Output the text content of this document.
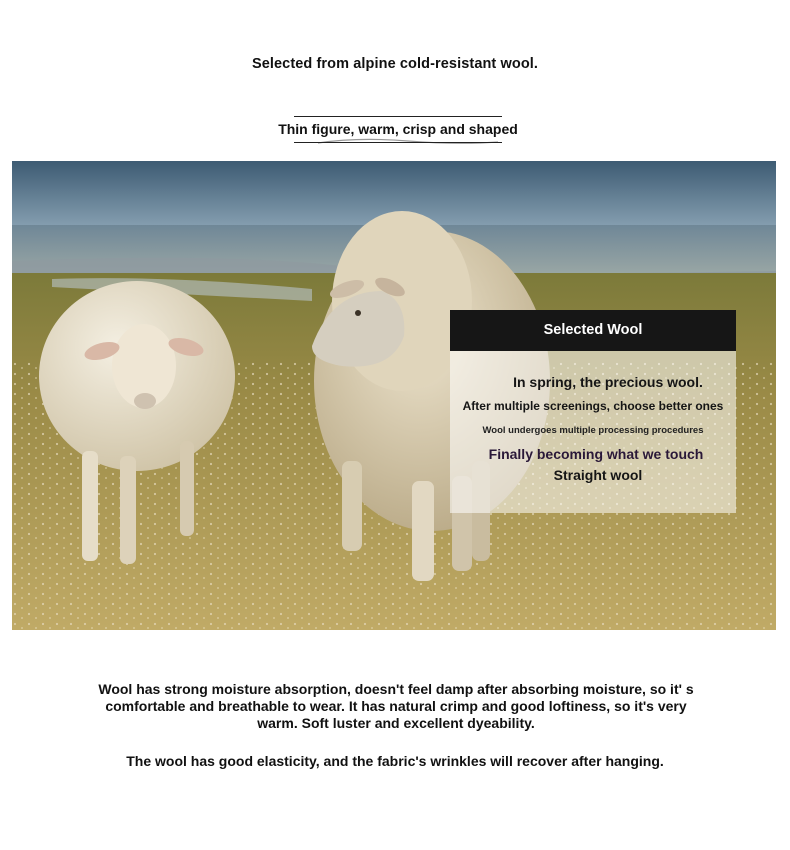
Selected from alpine cold-resistant wool.
Thin figure, warm, crisp and shaped
Selected Wool
In spring, the precious wool.
After multiple screenings, choose better ones
Wool undergoes multiple processing procedures
Finally becoming what we touch
Straight wool
Wool has strong moisture absorption, doesn't feel damp after absorbing moisture, so it' s comfortable and breathable to wear. It has natural crimp and good loftiness, so it's very warm. Soft luster and excellent dyeability.
The wool has good elasticity, and the fabric's wrinkles will recover after hanging.
